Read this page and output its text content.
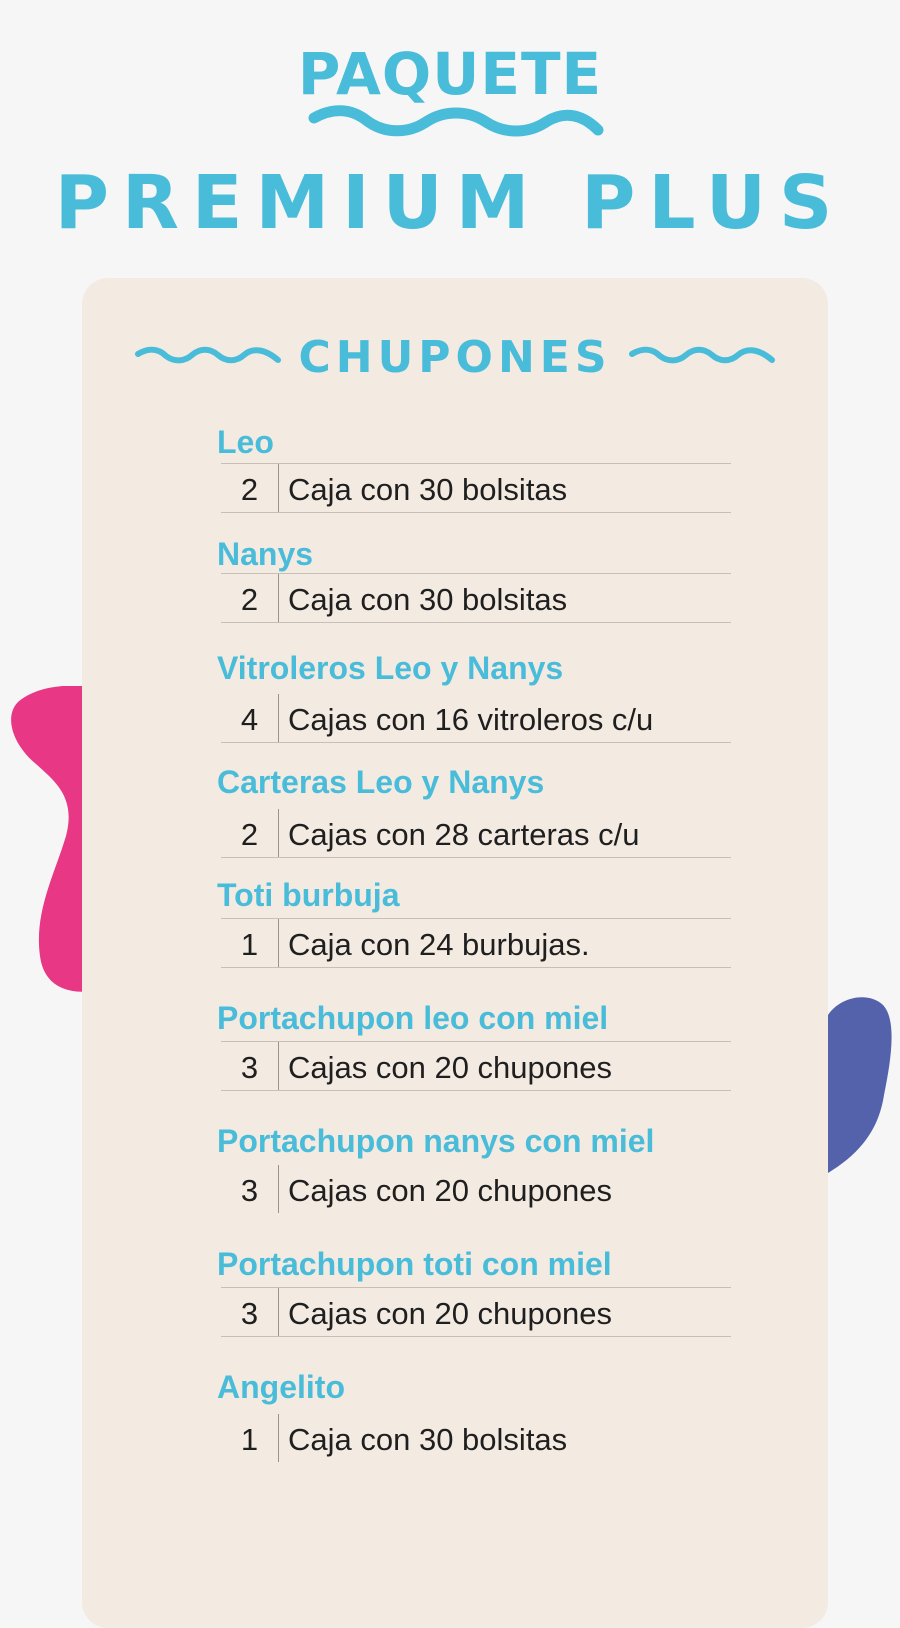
PAQUETE
PREMIUM PLUS
CHUPONES
Leo
2 Caja con 30 bolsitas
Nanys
2 Caja con 30 bolsitas
Vitroleros Leo y Nanys
4 Cajas con 16 vitroleros c/u
Carteras Leo y Nanys
2 Cajas con 28 carteras c/u
Toti burbuja
1 Caja con 24 burbujas.
Portachupon leo con miel
3 Cajas con 20 chupones
Portachupon nanys con miel
3 Cajas con 20 chupones
Portachupon toti con miel
3 Cajas con 20 chupones
Angelito
1 Caja con 30 bolsitas
